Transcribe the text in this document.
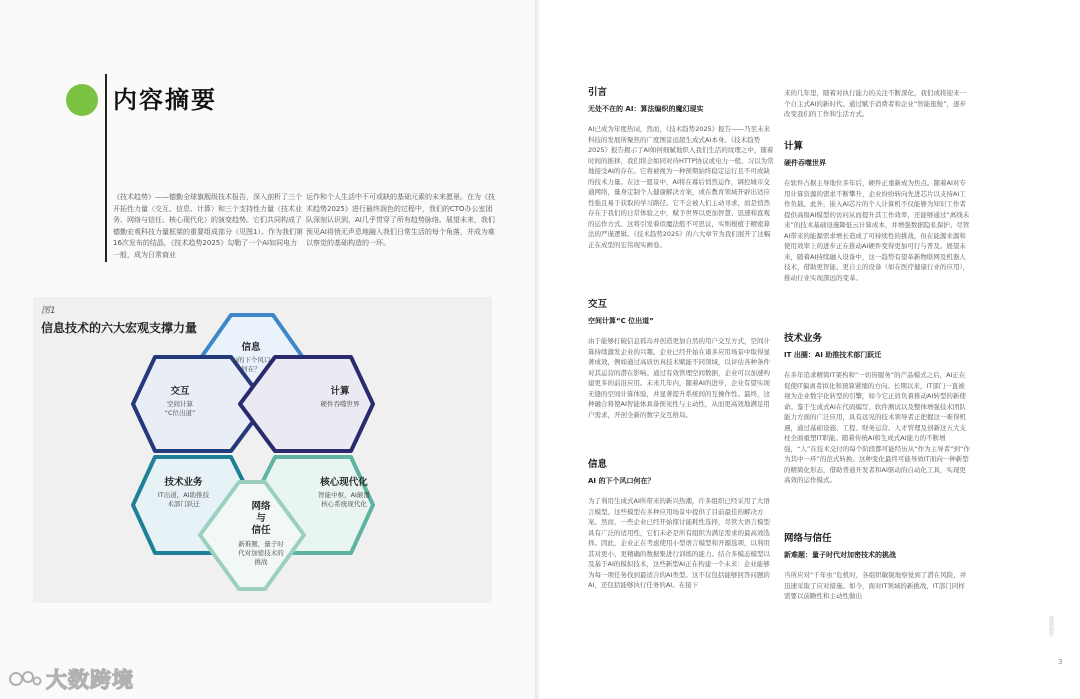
内容摘要

《技术趋势》——德勤全球旗舰级技术报告，深入剖析了三个开拓性力量（交互、信息、计算）和三个支持性力量（技术业务、网络与信任、核心现代化）的演变趋势。它们共同构成了德勤宏观科技力量框架的重要组成部分（见图1）。作为我们第16次发布的结晶，《技术趋势2025》勾勒了一个AI如同电力一般，成为日常商业

运作和个人生活中不可或缺的基础元素的未来愿景。在为《技术趋势2025》进行最终润色的过程中，我们的CTO办公室团队深刻认识到，AI几乎贯穿了所有趋势脉络。展望未来，我们预见AI将悄无声息地融入我们日常生活的每个角落，并成为难以察觉的基础构造的一环。

图1
信息技术的六大宏观支撑力量
信息
AI的下个风口
何在？
交互
空间计算
“C位出道”
计算
硬件吞噬世界
技术业务
IT出道，AI助推技
术部门跃迁
核心现代化
智能中枢，AI颠覆
核心系统现代化
网络
与
信任
新难题，量子时
代对加密技术的
挑战
大数跨境
引言
无处不在的 AI：算法编织的魔幻现实

AI已成为年度热词，然而，《技术趋势2025》报告——乃至未来科技的发展所聚焦的广度图景远超生成式AI本身。《技术趋势2025》报告揭示了AI如何细腻地织入我们生活的纹理之中，随着时间的推移，我们将会如同对待HTTP协议或电力一般，习以为常地接受AI的存在。它将被视为一种预期始终稳定运行且不可或缺的技术力量。在这一愿景中，AI将在幕后悄然运作，调控城市交通网络，量身定制个人健康解决方案，或在教育领域开辟出适应性强且易于获取的学习路径。它不会被人们主动寻求，而是悄然存在于我们的日常体验之中，赋予世界以更加智慧、迅速和直观的运作方式。这将引发着似魔法般不可思议，实则根植于精密算法的严谨逻辑。《技术趋势2025》的六大章节为我们展开了这幅正在成型的宏伟现实画卷。

交互
空间计算“C 位出道”

由于能够打破信息孤岛并创造更加自然的用户交互方式，空间计算持续激发企业的兴趣。企业已经开始在诸多应用场景中取得显著成效，例如通过高质仿真技术赋能不同领域，以评估各种条件对其运营的潜在影响。通过有效管理空间数据，企业可以加速构建更多的前沿应用。未来几年内，随着AI的进步，企业有望实现无缝的空间计算体验，并显著提升系统间的互操作性。最终，这种融合将使AI智能体具备预见性与主动性，从而更高效地满足用户需求，开创全新的数字交互格局。

信息
AI 的下个风口何在？

为了利用生成式AI所带来的新兴热潮，许多组织已经采用了大语言模型。这些模型在多种应用场景中提供了目前最佳的解决方案。然而，一些企业已经开始探讨能耗性选择，尽管大语言模型具有广泛的适用性，它们未必是所有组织为满足需求的最高效选择。因此，企业正在考虑使用小型语言模型和开源选项，以利用其对更小、更精确的数据集进行训练的能力。结合多模态模型以及基于AI的模拟技术，这些新型AI正在构建一个未来：企业能够为每一项任务找到最适合的AI类型。这不仅包括能够回答问题的AI，还包括能够执行任务的AI。在接下

来的几年里，随着对执行能力的关注不断深化，我们或将迎来一个自主式AI的新时代。通过赋予消费者和企业“智能座舱”，逐步改变我们的工作和生活方式。

计算
硬件吞噬世界

在软件占据主导地位多年后，硬件正重新成为焦点。随着AI对专用计算资源的需求不断攀升，企业纷纷转向先进芯片以支持AI工作负载。此外，嵌入AI芯片的个人计算机不仅能够为知识工作者提供高级AI模型的访问从而提升其工作效率，还能够通过“离线未来”的技术基础设施降低云计算成本，并增强数据隐私保护。尽管AI带来的能源需求增长造成了可持续性的挑战，但在能源来源和使用效率上的进步正在推动AI硬件变得更加可行与普及。展望未来，随着AI持续融入设备中，这一趋势有望革新物联网及机器人技术，借助更智能、更自主的设备（如在医疗健康行业的应用），推动行业实现深远的变革。

技术业务
IT 出圈：AI 助推技术部门跃迁

在多年追求精简IT架构和“一切皆服务”的产品模式之后，AI正在促使IT偏离者拟化和预算紧缩的方向。长期以来，IT部门一直被视为企业数字化转型的引擎，如今它正肩负着推动AI转型的新使命。鉴于生成式AI在代码编写、软件测试以及整体增强技术团队能力方面的广泛应用，具有远见的技术领导者正把握这一难得机遇，通过基础设施、工程、财务运营、人才管理及创新这五大支柱全面重塑IT职能。随着传统AI和生成式AI能力的不断增强，“人”在技术交付的每个阶段都可能经历从“作为主导者”到“作为其中一环”的范式转换。这种变化最终可能导致IT面向一种新型的精简化形态，借助普通开发者和AI驱动的自动化工具，实现更高效的运作模式。

网络与信任
新难题：量子时代对加密技术的挑战

当所应对“千年虫”危机时，各组织敏锐地察觉到了潜在风险，并迅速采取了应对措施。如今，面对IT领域的新挑战，IT部门同样需要以前瞻性和主动性做出

德勤洞察
3
